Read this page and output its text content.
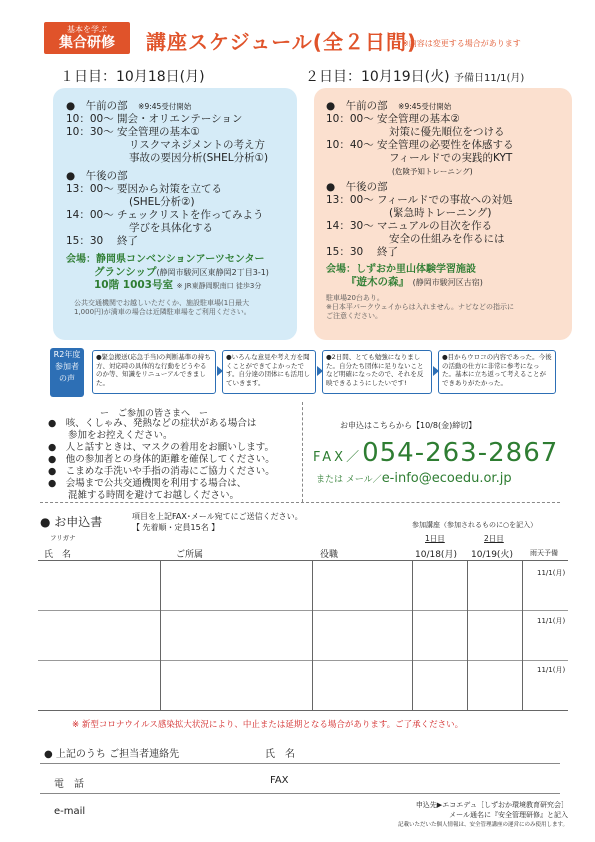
基本を学ぶ
集合研修	講座スケジュール(全２日間)
※内容は変更する場合があります
１日目：10月18日(月)	２日目：10月19日(火) 予備日11/1(月)
●　午前の部　※9:45受付開始
10：00～ 開会・オリエンテーション
10：30～ 安全管理の基本①
　　　　　　リスクマネジメントの考え方
　　　　　　事故の要因分析(SHEL分析①)
●　午後の部
13：00～ 要因から対策を立てる
　　　　　　(SHEL分析②)
14：00～ チェックリストを作ってみよう
　　　　　　学びを具体化する
15：30　 終了
会場：静岡県コンベンションアーツセンター
グランシップ(静岡市駿河区東静岡2丁目3-1)
10階 1003号室 ※ JR東静岡駅南口 徒歩3分
公共交通機関でお越しいただくか、施設駐車場(1日最大
1,000円)が満車の場合は近隣駐車場をご利用ください。
●　午前の部　※9:45受付開始
10：00～ 安全管理の基本②
　　　　　　対策に優先順位をつける
10：40～ 安全管理の必要性を体感する
　　　　　　フィールドでの実践的KYT
(危険予知トレーニング)
●　午後の部
13：00～ フィールドでの事故への対処
　　　　　　(緊急時トレーニング)
14：30～ マニュアルの目次を作る
　　　　　　安全の仕組みを作るには
15：30　 終了
会場：しずおか里山体験学習施設
『遊木の森』 (静岡市駿河区古宿)
駐車場20台あり。
※日本平パークウェイからは入れません。ナビなどの指示に
ご注意ください。
R2年度
参加者
の声
●緊急搬送(応急手当)の判断基準の持ち方、対応時の具体的な行動をどうやるのか等、知識をリニューアルできました。
●いろんな意見や考え方を聞くことができてよかったです。自分達の団体にも活用していきます。
●2日間、とても勉強になりました。自分たち団体に足りないことなど明確になったので、それを反映できるようにしたいです!
●目からウロコの内容であった。今後の活動の仕方に非常に参考になった。基本に立ち返って考えることができありがたかった。
ー　ご参加の皆さまへ　ー
●　咳、くしゃみ、発熱などの症状がある場合は
参加をお控えください。
●　人と話すときは、マスクの着用をお願いします。
●　他の参加者との身体的距離を確保してください。
●　こまめな手洗いや手指の消毒にご協力ください。
●　会場まで公共交通機関を利用する場合は、
混雑する時間を避けてお越しください。
お申込はこちらから【10/8(金)締切】
FAX／054-263-2867
または メール／e-info@ecoedu.or.jp
● お申込書	項目を上記FAX･メール宛てにご送信ください。
【 先着順・定員15名 】
フリガナ
参加講座（参加されるものに○を記入）
1日目	2日目
氏　名	ご所属	役職	10/18(月) 10/19(火) 雨天予備
11/1(月)
11/1(月)
11/1(月)
※ 新型コロナウイルス感染拡大状況により、中止または延期となる場合があります。ご了承ください。
● 上記のうち ご担当者連絡先	氏　名
電　話	FAX
e-mail
申込先▶エコエデュ［しずおか環境教育研究会］
メール通名に『安全管理研修』と記入
記載いただいた個人情報は、安全管理講座の運営にのみ使用します。
